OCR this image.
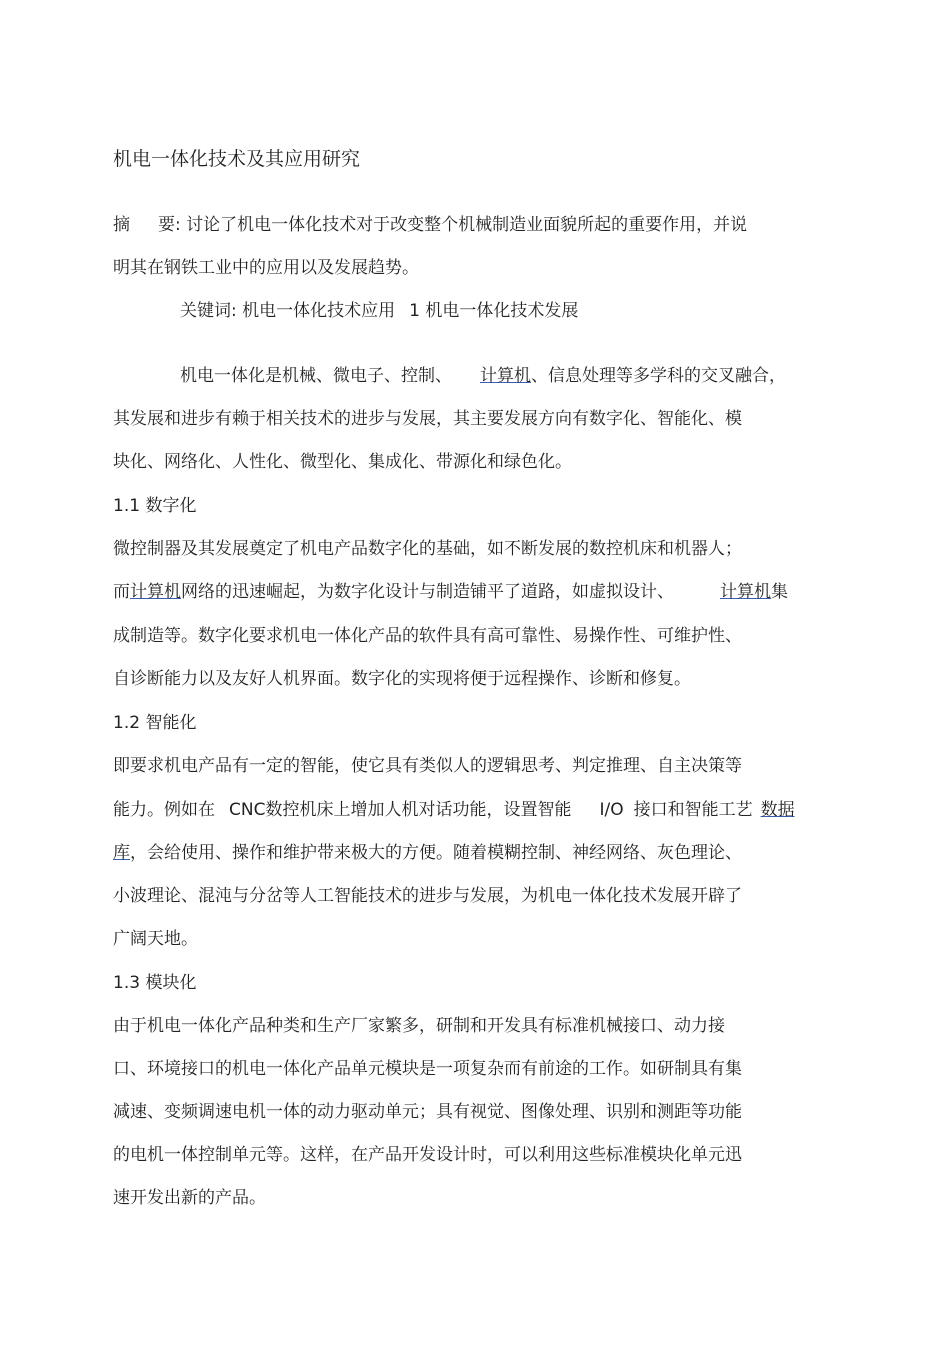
机电一体化技术及其应用研究
摘 要: 讨论了机电一体化技术对于改变整个机械制造业面貌所起的重要作用，并说
明其在钢铁工业中的应用以及发展趋势。
关键词: 机电一体化技术应用 1 机电一体化技术发展
机电一体化是机械、微电子、控制、 计算机、信息处理等多学科的交叉融合，
其发展和进步有赖于相关技术的进步与发展，其主要发展方向有数字化、智能化、模
块化、网络化、人性化、微型化、集成化、带源化和绿色化。
1.1 数字化
微控制器及其发展奠定了机电产品数字化的基础，如不断发展的数控机床和机器人；
而计算机网络的迅速崛起，为数字化设计与制造铺平了道路，如虚拟设计、	计算机集
成制造等。数字化要求机电一体化产品的软件具有高可靠性、易操作性、可维护性、
自诊断能力以及友好人机界面。数字化的实现将便于远程操作、诊断和修复。
1.2 智能化
即要求机电产品有一定的智能，使它具有类似人的逻辑思考、判定推理、自主决策等
能力。例如在 CNC数控机床上增加人机对话功能，设置智能 I/O 接口和智能工艺 数据
库，会给使用、操作和维护带来极大的方便。随着模糊控制、神经网络、灰色理论、
小波理论、混沌与分岔等人工智能技术的进步与发展，为机电一体化技术发展开辟了
广阔天地。
1.3 模块化
由于机电一体化产品种类和生产厂家繁多，研制和开发具有标准机械接口、动力接
口、环境接口的机电一体化产品单元模块是一项复杂而有前途的工作。如研制具有集
减速、变频调速电机一体的动力驱动单元；具有视觉、图像处理、识别和测距等功能
的电机一体控制单元等。这样，在产品开发设计时，可以利用这些标准模块化单元迅
速开发出新的产品。
